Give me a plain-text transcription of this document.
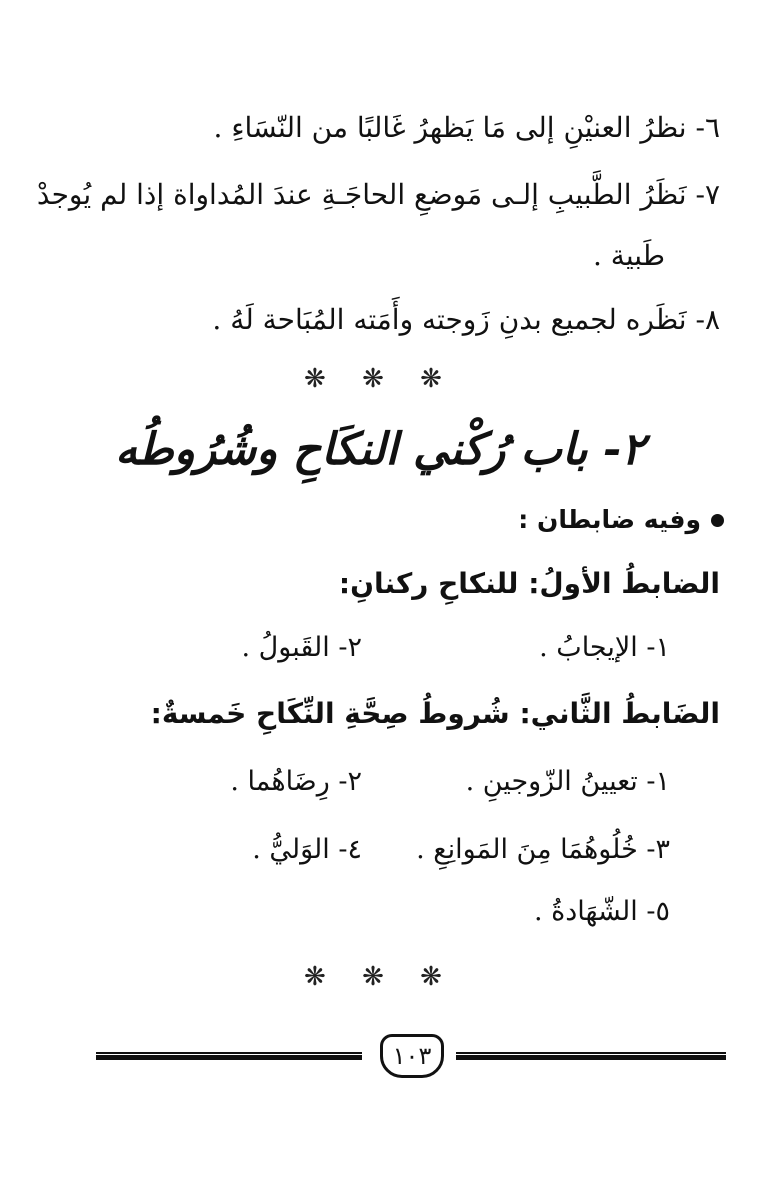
٦- نظرُ العنيْنِ إلى مَا يَظهرُ غَالبًا من النّسَاءِ .
٧- نَظَرُ الطَّبيبِ إلـى مَوضعِ الحاجَـةِ عندَ المُداواة إذا لم يُوجدْ
طَبية .
٨- نَظَره لجميع بدنِ زَوجته وأَمَته المُبَاحة لَهُ .
❋ ❋ ❋
٢- باب رُكْني النكَاحِ وشُرُوطُه
وفيه ضابطان :
الضابطُ الأولُ: للنكاحِ ركنانِ:
١- الإيجابُ .
٢- القَبولُ .
الضَابطُ الثَّاني: شُروطُ صِحَّةِ النِّكَاحِ خَمسةٌ:
١- تعيينُ الزّوجينِ .
٢- رِضَاهُما .
٣- خُلُوهُمَا مِنَ المَوانِعِ .
٤- الوَليُّ .
٥- الشّهَادةُ .
❋ ❋ ❋
١٠٣
